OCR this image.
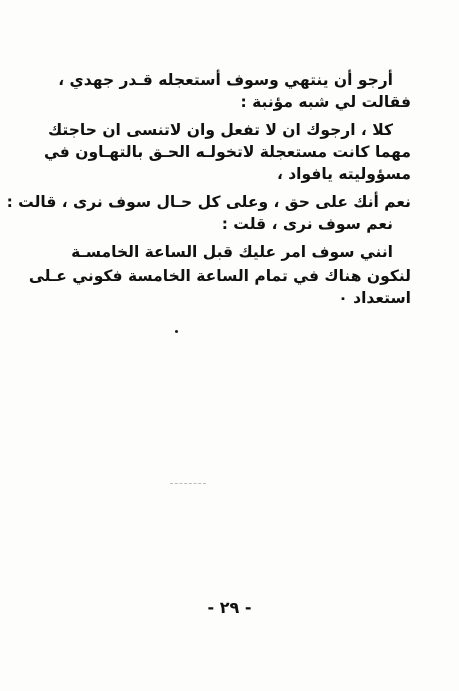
أرجو أن ينتهي وسوف أستعجله قـدر جهدي ،
فقالت لي شبه مؤنبة :
كلا ، ارجوك ان لا تفعل وان لاتنسى ان حاجتك
مهما كانت مستعجلة لاتخولـه الحـق بالتهـاون في
مسؤوليته يافواد ،
نعم أنك على حق ، وعلى كل حـال سوف نرى ، قالت :
نعم سوف نرى ، قلت :
انني سوف امر عليك قبل الساعة الخامسـة
لنكون هناك في تمام الساعة الخامسة فكوني عـلى
استعداد ٠
- ٢٩ -
